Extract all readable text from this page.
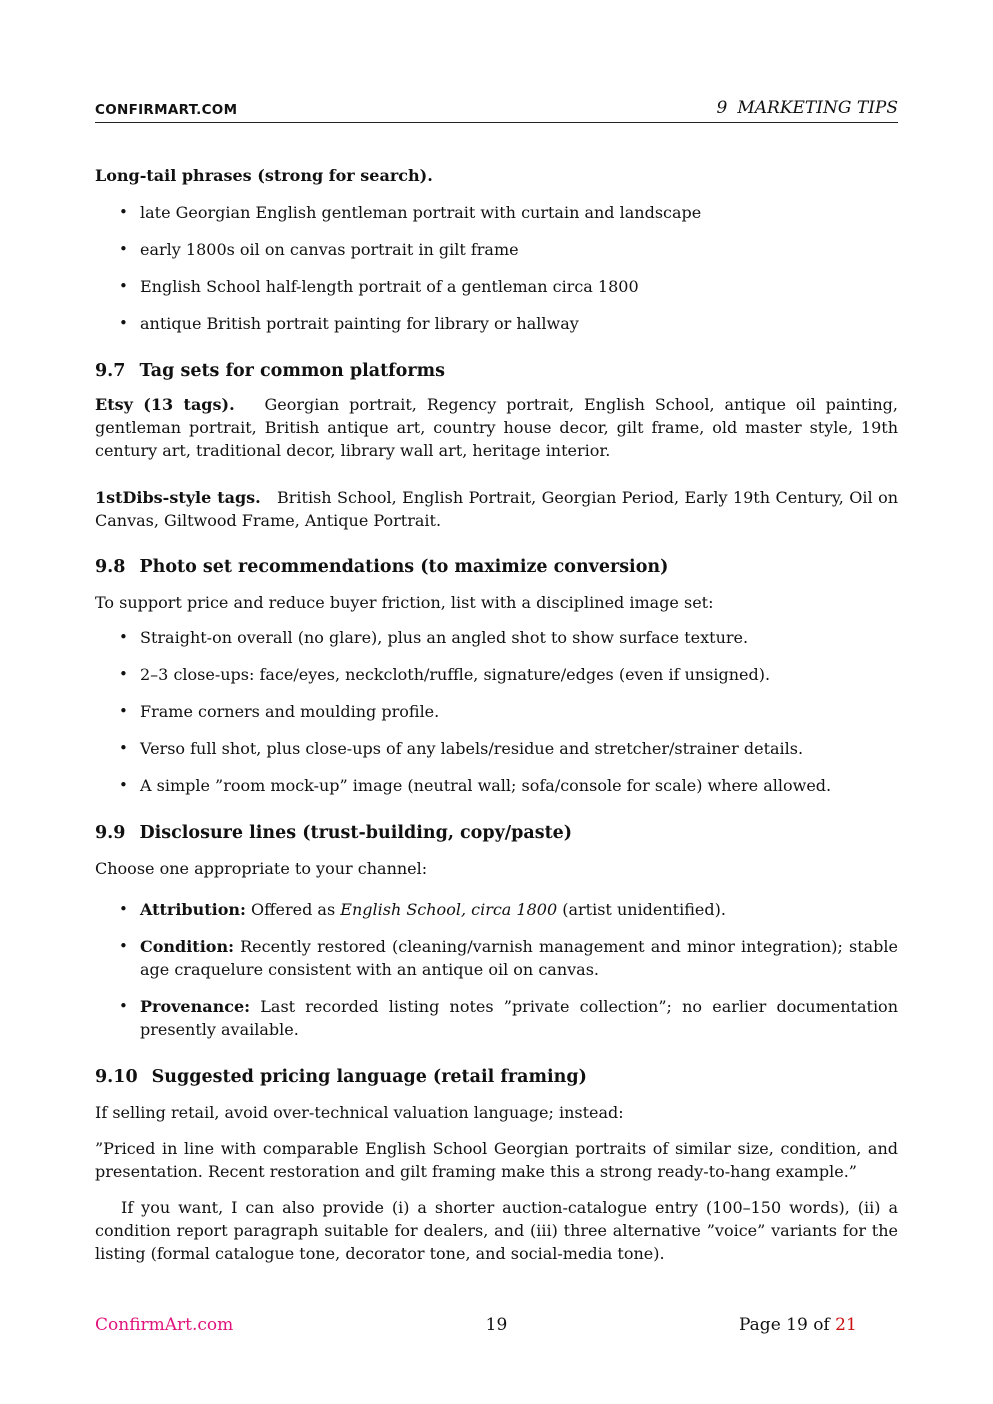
CONFIRMART.COM	9 MARKETING TIPS

Long-tail phrases (strong for search).

• late Georgian English gentleman portrait with curtain and landscape
• early 1800s oil on canvas portrait in gilt frame
• English School half-length portrait of a gentleman circa 1800
• antique British portrait painting for library or hallway
9.7 Tag sets for common platforms

Etsy (13 tags). Georgian portrait, Regency portrait, English School, antique oil painting, gentleman portrait, British antique art, country house decor, gilt frame, old master style, 19th century art, traditional decor, library wall art, heritage interior.

1stDibs-style tags. British School, English Portrait, Georgian Period, Early 19th Century, Oil on Canvas, Giltwood Frame, Antique Portrait.

9.8 Photo set recommendations (to maximize conversion)

To support price and reduce buyer friction, list with a disciplined image set:

• Straight-on overall (no glare), plus an angled shot to show surface texture.
• 2–3 close-ups: face/eyes, neckcloth/ruffle, signature/edges (even if unsigned).
• Frame corners and moulding profile.
• Verso full shot, plus close-ups of any labels/residue and stretcher/strainer details.
• A simple ”room mock-up” image (neutral wall; sofa/console for scale) where allowed.
9.9 Disclosure lines (trust-building, copy/paste)

Choose one appropriate to your channel:

• Attribution: Offered as English School, circa 1800 (artist unidentified).
• Condition: Recently restored (cleaning/varnish management and minor integration); stable age craquelure consistent with an antique oil on canvas.
• Provenance: Last recorded listing notes ”private collection”; no earlier documentation presently available.
9.10 Suggested pricing language (retail framing)

If selling retail, avoid over-technical valuation language; instead:

”Priced in line with comparable English School Georgian portraits of similar size, condition, and presentation. Recent restoration and gilt framing make this a strong ready-to-hang example.”

If you want, I can also provide (i) a shorter auction-catalogue entry (100–150 words), (ii) a condition report paragraph suitable for dealers, and (iii) three alternative ”voice” variants for the listing (formal catalogue tone, decorator tone, and social-media tone).

ConfirmArt.com	19	Page 19 of 21
